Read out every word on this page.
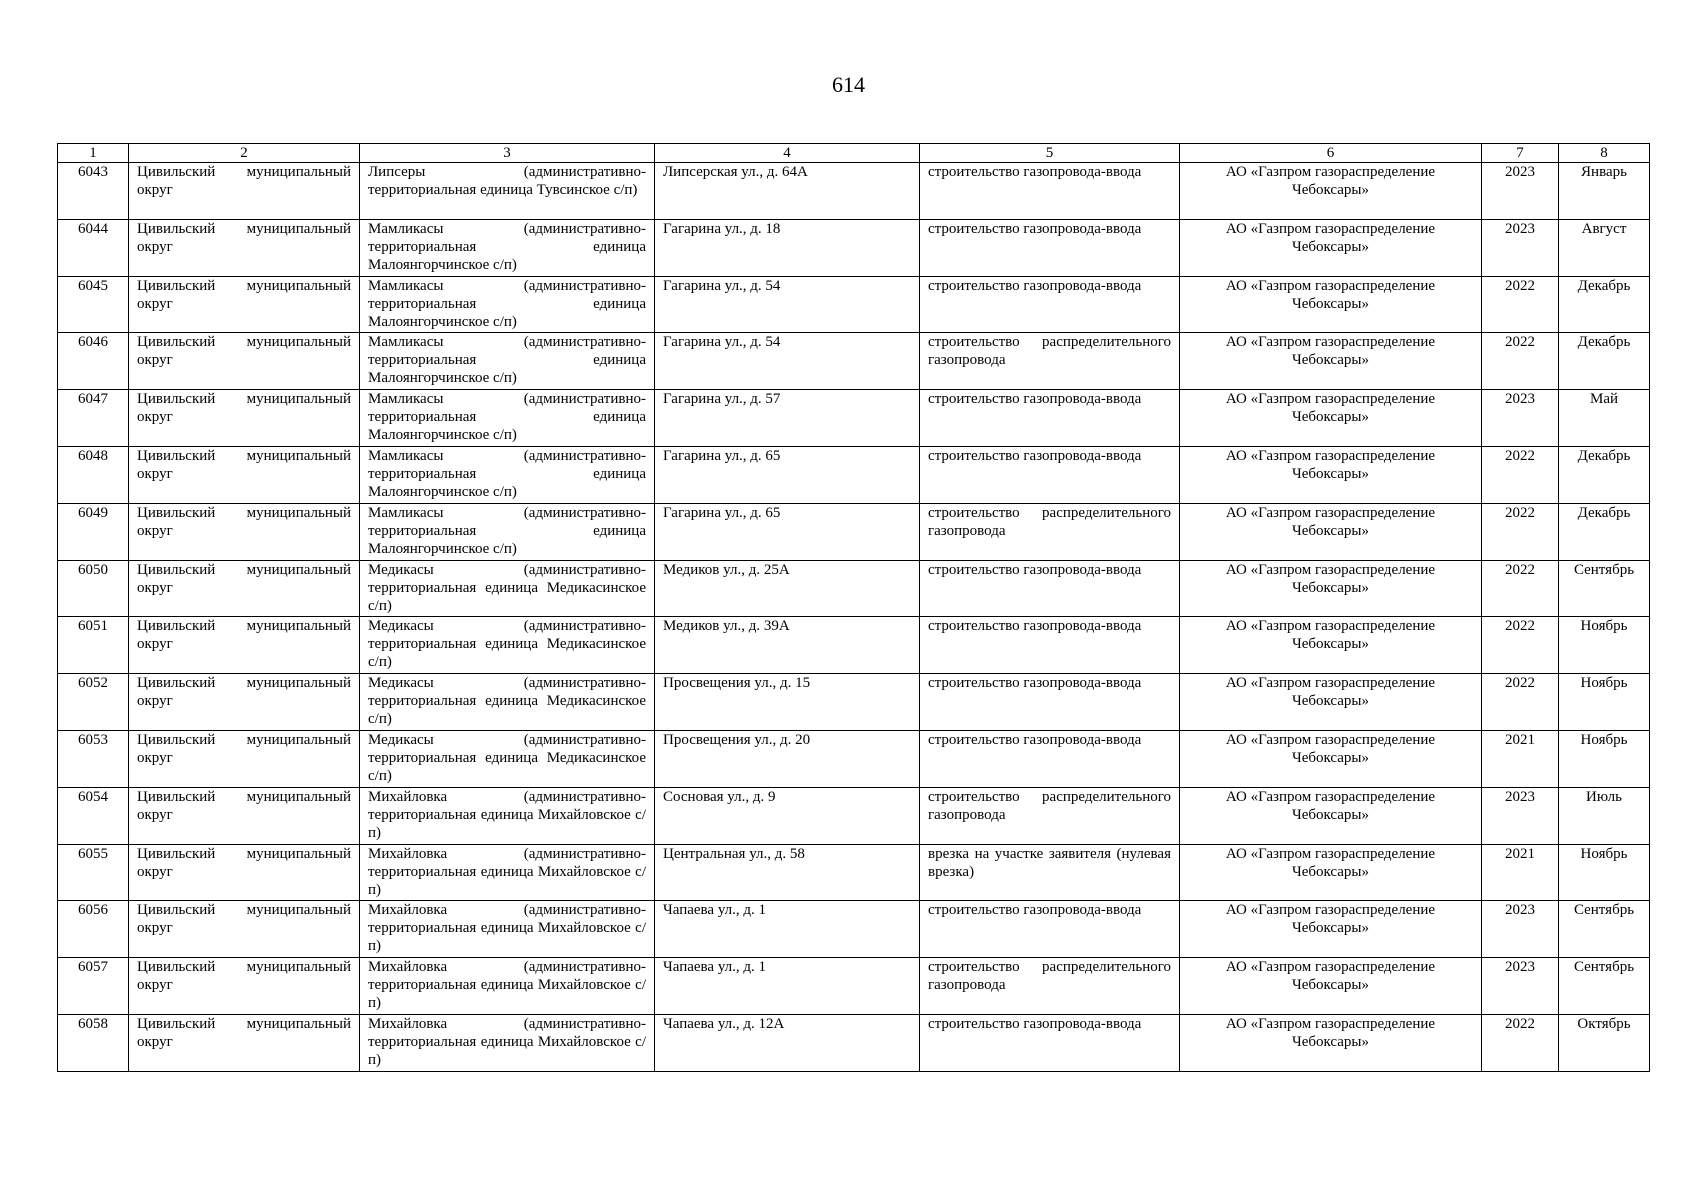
614
1	2	3	4	5	6	7	8
6043	Цивильский муниципальный округ	Липсеры (административно-территориальная единица Тувсинское с/п)	Липсерская ул., д. 64А	строительство газопровода-ввода	АО «Газпром газораспределение Чебоксары»	2023	Январь
6044	Цивильский муниципальный округ	Мамликасы (административно-территориальная единица Малоянгорчинское с/п)	Гагарина ул., д. 18	строительство газопровода-ввода	АО «Газпром газораспределение Чебоксары»	2023	Август
6045	Цивильский муниципальный округ	Мамликасы (административно-территориальная единица Малоянгорчинское с/п)	Гагарина ул., д. 54	строительство газопровода-ввода	АО «Газпром газораспределение Чебоксары»	2022	Декабрь
6046	Цивильский муниципальный округ	Мамликасы (административно-территориальная единица Малоянгорчинское с/п)	Гагарина ул., д. 54	строительство распределительного газопровода	АО «Газпром газораспределение Чебоксары»	2022	Декабрь
6047	Цивильский муниципальный округ	Мамликасы (административно-территориальная единица Малоянгорчинское с/п)	Гагарина ул., д. 57	строительство газопровода-ввода	АО «Газпром газораспределение Чебоксары»	2023	Май
6048	Цивильский муниципальный округ	Мамликасы (административно-территориальная единица Малоянгорчинское с/п)	Гагарина ул., д. 65	строительство газопровода-ввода	АО «Газпром газораспределение Чебоксары»	2022	Декабрь
6049	Цивильский муниципальный округ	Мамликасы (административно-территориальная единица Малоянгорчинское с/п)	Гагарина ул., д. 65	строительство распределительного газопровода	АО «Газпром газораспределение Чебоксары»	2022	Декабрь
6050	Цивильский муниципальный округ	Медикасы (административно-территориальная единица Медикасинское с/п)	Медиков ул., д. 25А	строительство газопровода-ввода	АО «Газпром газораспределение Чебоксары»	2022	Сентябрь
6051	Цивильский муниципальный округ	Медикасы (административно-территориальная единица Медикасинское с/п)	Медиков ул., д. 39А	строительство газопровода-ввода	АО «Газпром газораспределение Чебоксары»	2022	Ноябрь
6052	Цивильский муниципальный округ	Медикасы (административно-территориальная единица Медикасинское с/п)	Просвещения ул., д. 15	строительство газопровода-ввода	АО «Газпром газораспределение Чебоксары»	2022	Ноябрь
6053	Цивильский муниципальный округ	Медикасы (административно-территориальная единица Медикасинское с/п)	Просвещения ул., д. 20	строительство газопровода-ввода	АО «Газпром газораспределение Чебоксары»	2021	Ноябрь
6054	Цивильский муниципальный округ	Михайловка (административно-территориальная единица Михайловское с/п)	Сосновая ул., д. 9	строительство распределительного газопровода	АО «Газпром газораспределение Чебоксары»	2023	Июль
6055	Цивильский муниципальный округ	Михайловка (административно-территориальная единица Михайловское с/п)	Центральная ул., д. 58	врезка на участке заявителя (нулевая врезка)	АО «Газпром газораспределение Чебоксары»	2021	Ноябрь
6056	Цивильский муниципальный округ	Михайловка (административно-территориальная единица Михайловское с/п)	Чапаева ул., д. 1	строительство газопровода-ввода	АО «Газпром газораспределение Чебоксары»	2023	Сентябрь
6057	Цивильский муниципальный округ	Михайловка (административно-территориальная единица Михайловское с/п)	Чапаева ул., д. 1	строительство распределительного газопровода	АО «Газпром газораспределение Чебоксары»	2023	Сентябрь
6058	Цивильский муниципальный округ	Михайловка (административно-территориальная единица Михайловское с/п)	Чапаева ул., д. 12А	строительство газопровода-ввода	АО «Газпром газораспределение Чебоксары»	2022	Октябрь
